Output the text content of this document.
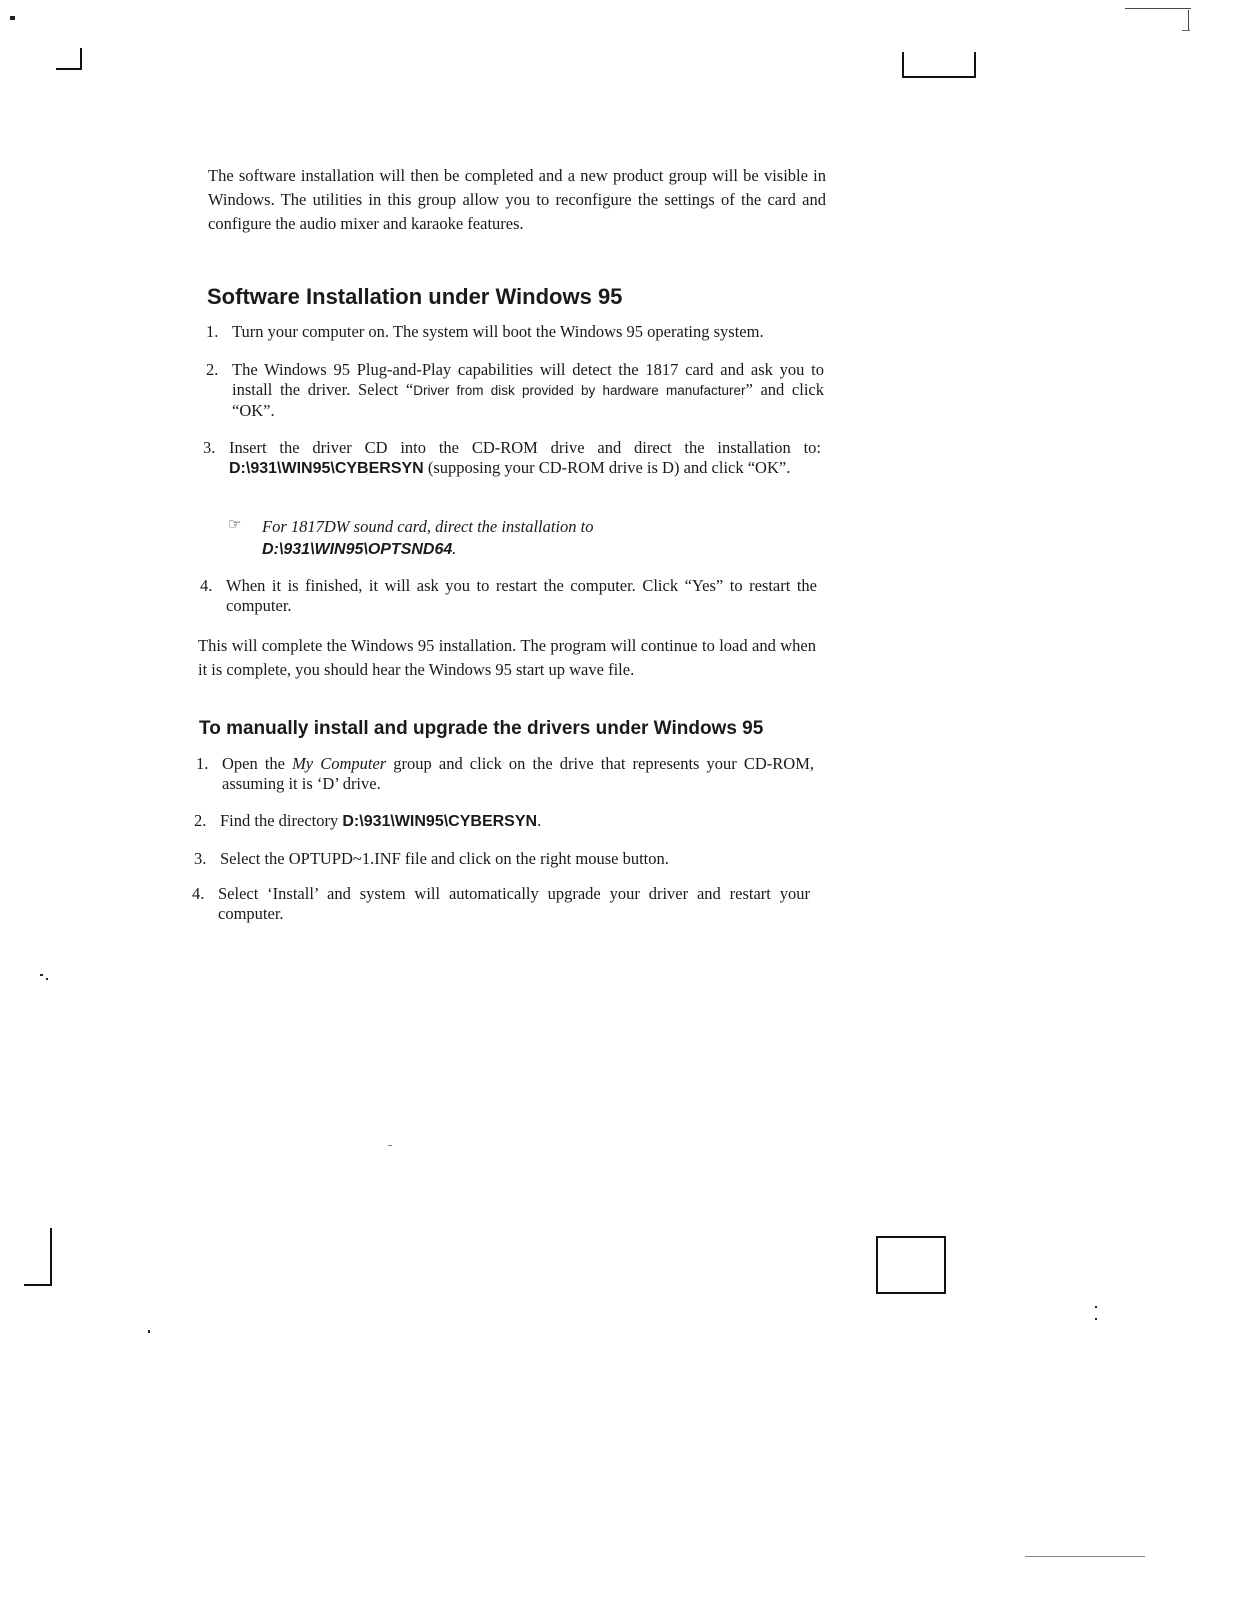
The software installation will then be completed and a new product group will be visible in Windows. The utilities in this group allow you to reconfigure the settings of the card and configure the audio mixer and karaoke features.

Software Installation under Windows 95
1. Turn your computer on. The system will boot the Windows 95 operating system.
2. The Windows 95 Plug-and-Play capabilities will detect the 1817 card and ask you to install the driver. Select “Driver from disk provided by hardware manufacturer” and click “OK”.
3. Insert the driver CD into the CD-ROM drive and direct the installation to: D:\931\WIN95\CYBERSYN (supposing your CD-ROM drive is D) and click “OK”.
☞ For 1817DW sound card, direct the installation to
D:\931\WIN95\OPTSND64.
4. When it is finished, it will ask you to restart the computer. Click “Yes” to restart the computer.

This will complete the Windows 95 installation. The program will continue to load and when it is complete, you should hear the Windows 95 start up wave file.

To manually install and upgrade the drivers under Windows 95
1. Open the My Computer group and click on the drive that represents your CD-ROM, assuming it is ‘D’ drive.
2. Find the directory D:\931\WIN95\CYBERSYN.
3. Select the OPTUPD~1.INF file and click on the right mouse button.
4. Select ‘Install’ and system will automatically upgrade your driver and restart your computer.
